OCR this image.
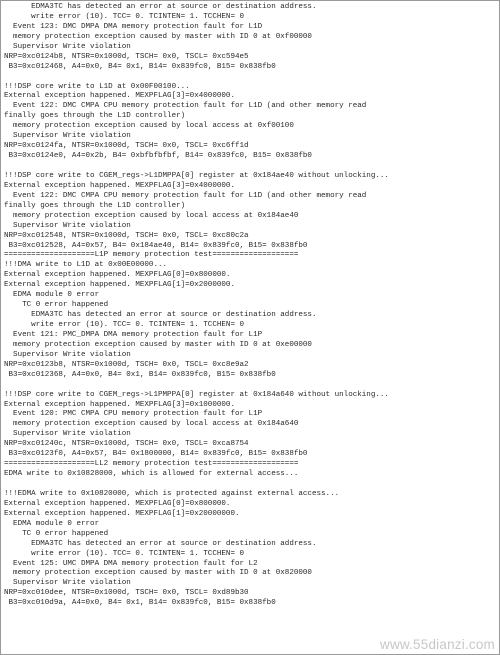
EDMA3TC has detected an error at source or destination address.
write error (10). TCC= 0. TCINTEN= 1. TCCHEN= 0
Event 123: DMC DMPA DMA memory protection fault for L1D
memory protection exception caused by master with ID 0 at 0xf00000
Supervisor Write violation
NRP=0xc0124b8, NTSR=0x1000d, TSCH= 0x0, TSCL= 0xc594e5
B3=0xc012468, A4=0x0, B4= 0x1, B14= 0x839fc0, B15= 0x838fb0
!!!DSP core write to L1D at 0x00F00100...
External exception happened. MEXPFLAG[3]=0x4000000.
Event 122: DMC CMPA CPU memory protection fault for L1D (and other memory read
finally goes through the L1D controller)
memory protection exception caused by local access at 0xf00100
Supervisor Write violation
NRP=0xc0124fa, NTSR=0x1000d, TSCH= 0x0, TSCL= 0xc6ff1d
B3=0xc0124e0, A4=0x2b, B4= 0xbfbfbfbf, B14= 0x839fc0, B15= 0x838fb0
!!!DSP core write to CGEM_regs->L1DMPPA[0] register at 0x184ae40 without unlocking...
External exception happened. MEXPFLAG[3]=0x4000000.
Event 122: DMC CMPA CPU memory protection fault for L1D (and other memory read
finally goes through the L1D controller)
memory protection exception caused by local access at 0x184ae40
Supervisor Write violation
NRP=0xc012548, NTSR=0x1000d, TSCH= 0x0, TSCL= 0xc80c2a
B3=0xc012528, A4=0x57, B4= 0x184ae40, B14= 0x839fc0, B15= 0x838fb0
====================L1P memory protection test===================
!!!DMA write to L1D at 0x00E00000...
External exception happened. MEXPFLAG[0]=0x800000.
External exception happened. MEXPFLAG[1]=0x2000000.
EDMA module 0 error
TC 0 error happened
EDMA3TC has detected an error at source or destination address.
write error (10). TCC= 0. TCINTEN= 1. TCCHEN= 0
Event 121: PMC_DMPA DMA memory protection fault for L1P
memory protection exception caused by master with ID 0 at 0xe00000
Supervisor Write violation
NRP=0xc0123b8, NTSR=0x1000d, TSCH= 0x0, TSCL= 0xc8e9a2
B3=0xc012368, A4=0x0, B4= 0x1, B14= 0x839fc0, B15= 0x838fb0
!!!DSP core write to CGEM_regs->L1PMPPA[0] register at 0x184a640 without unlocking...
External exception happened. MEXPFLAG[3]=0x1000000.
Event 120: PMC CMPA CPU memory protection fault for L1P
memory protection exception caused by local access at 0x184a640
Supervisor Write violation
NRP=0xc01240c, NTSR=0x1000d, TSCH= 0x0, TSCL= 0xca8754
B3=0xc0123f0, A4=0x57, B4= 0x1800000, B14= 0x839fc0, B15= 0x838fb0
====================LL2 memory protection test===================
EDMA write to 0x10828000, which is allowed for external access...
!!!EDMA write to 0x10820000, which is protected against external access...
External exception happened. MEXPFLAG[0]=0x800000.
External exception happened. MEXPFLAG[1]=0x20000000.
EDMA module 0 error
TC 0 error happened
EDMA3TC has detected an error at source or destination address.
write error (10). TCC= 0. TCINTEN= 1. TCCHEN= 0
Event 125: UMC DMPA DMA memory protection fault for L2
memory protection exception caused by master with ID 0 at 0x820000
Supervisor Write violation
NRP=0xc010dee, NTSR=0x1000d, TSCH= 0x0, TSCL= 0xd89b30
B3=0xc010d9a, A4=0x0, B4= 0x1, B14= 0x839fc0, B15= 0x838fb0
www.55dianzi.com
